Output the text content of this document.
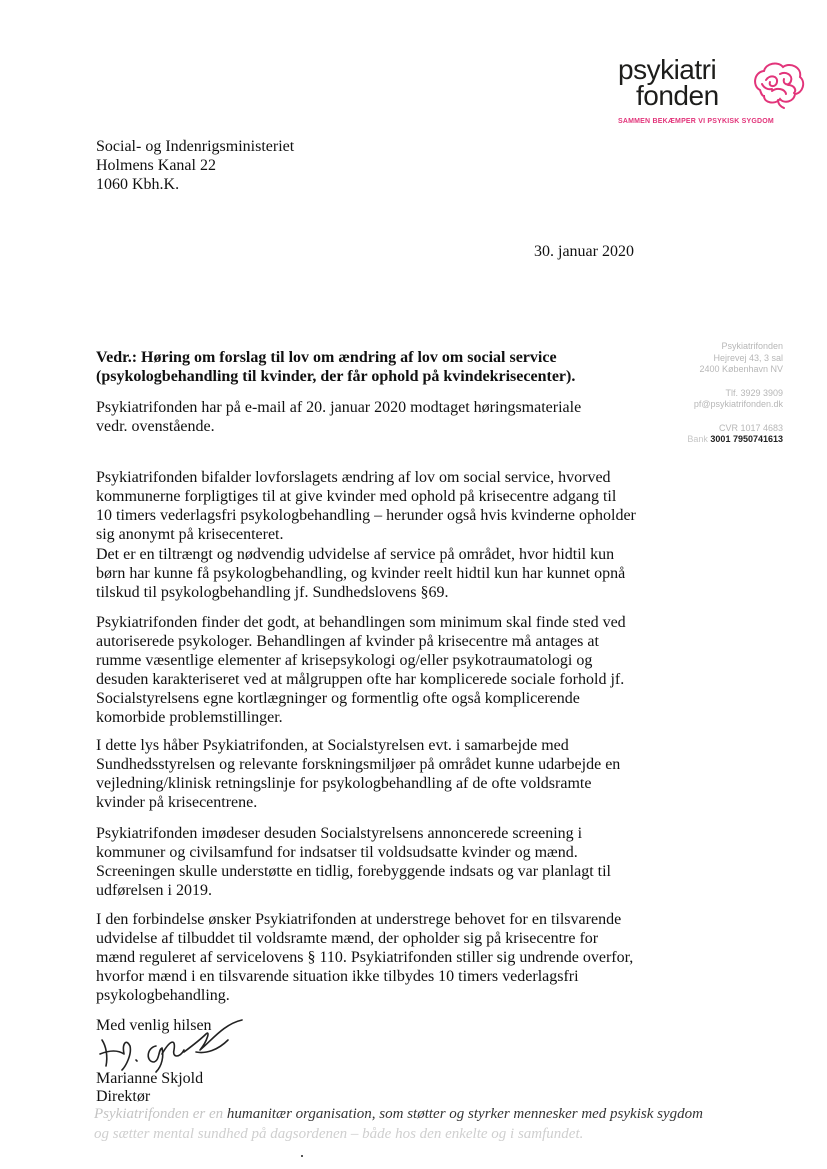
psykiatri
fonden
SAMMEN BEKÆMPER VI PSYKISK SYGDOM
Social- og Indenrigsministeriet
Holmens Kanal 22
1060 Kbh.K.
30. januar 2020
Psykiatrifonden
Hejrevej 43, 3 sal
2400 København NV
Tlf. 3929 3909
pf@psykiatrifonden.dk
CVR 1017 4683
Bank 3001 7950741613
Vedr.: Høring om forslag til lov om ændring af lov om social service
(psykologbehandling til kvinder, der får ophold på kvindekrisecenter).
Psykiatrifonden har på e-mail af 20. januar 2020 modtaget høringsmateriale vedr. ovenstående.
Psykiatrifonden bifalder lovforslagets ændring af lov om social service, hvorved kommunerne forpligtiges til at give kvinder med ophold på krisecentre adgang til 10 timers vederlagsfri psykologbehandling – herunder også hvis kvinderne opholder sig anonymt på krisecenteret.
Det er en tiltrængt og nødvendig udvidelse af service på området, hvor hidtil kun børn har kunne få psykologbehandling, og kvinder reelt hidtil kun har kunnet opnå tilskud til psykologbehandling jf. Sundhedslovens §69.
Psykiatrifonden finder det godt, at behandlingen som minimum skal finde sted ved autoriserede psykologer. Behandlingen af kvinder på krisecentre må antages at rumme væsentlige elementer af krisepsykologi og/eller psykotraumatologi og desuden karakteriseret ved at målgruppen ofte har komplicerede sociale forhold jf. Socialstyrelsens egne kortlægninger og formentlig ofte også komplicerende komorbide problemstillinger.
I dette lys håber Psykiatrifonden, at Socialstyrelsen evt. i samarbejde med Sundhedsstyrelsen og relevante forskningsmiljøer på området kunne udarbejde en vejledning/klinisk retningslinje for psykologbehandling af de ofte voldsramte kvinder på krisecentrene.
Psykiatrifonden imødeser desuden Socialstyrelsens annoncerede screening i kommuner og civilsamfund for indsatser til voldsudsatte kvinder og mænd. Screeningen skulle understøtte en tidlig, forebyggende indsats og var planlagt til udførelsen i 2019.
I den forbindelse ønsker Psykiatrifonden at understrege behovet for en tilsvarende udvidelse af tilbuddet til voldsramte mænd, der opholder sig på krisecentre for mænd reguleret af servicelovens § 110. Psykiatrifonden stiller sig undrende overfor, hvorfor mænd i en tilsvarende situation ikke tilbydes 10 timers vederlagsfri psykologbehandling.
Med venlig hilsen
Marianne Skjold
Direktør
Psykiatrifonden er en humanitær organisation, som støtter og styrker mennesker med psykisk sygdom
og sætter mental sundhed på dagsordenen – både hos den enkelte og i samfundet.
